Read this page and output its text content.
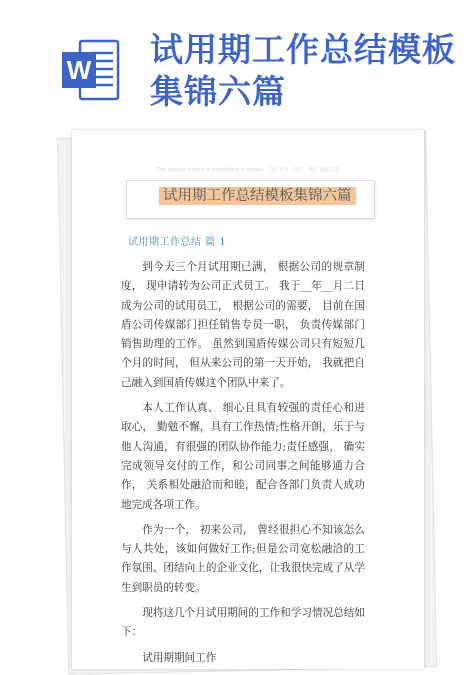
W
试用期工作总结模板集锦六篇
The biggest source of excellence in people. 卓识 专业 · 高效 · 诚信 成就未来
试用期工作总结模板集锦六篇
试用期工作总结 篇 1

到今天三个月试用期已满， 根据公司的规章制度， 现申请转为公司正式员工。 我于__年__月二日成为公司的试用员工， 根据公司的需要， 目前在国盾公司传媒部门担任销售专员一职， 负责传媒部门销售助理的工作。 虽然到国盾传媒公司只有短短几个月的时间， 但从来公司的第一天开始， 我就把自己融入到国盾传媒这个团队中来了。

本人工作认真、 细心且具有较强的责任心和进取心， 勤勉不懈，具有工作热情;性格开朗，乐于与他人沟通，有很强的团队协作能力;责任感强， 确实完成领导交付的工作，和公司同事之间能够通力合作， 关系相处融洽而和睦，配合各部门负责人成功地完成各项工作。

作为一个， 初来公司， 曾经很担心不知该怎么与人共处，该如何做好工作;但是公司宽松融洽的工作氛围、团结向上的企业文化，让我很快完成了从学生到职员的转变。

现将这几个月试用期间的工作和学习情况总结如下：

试用期期间工作
